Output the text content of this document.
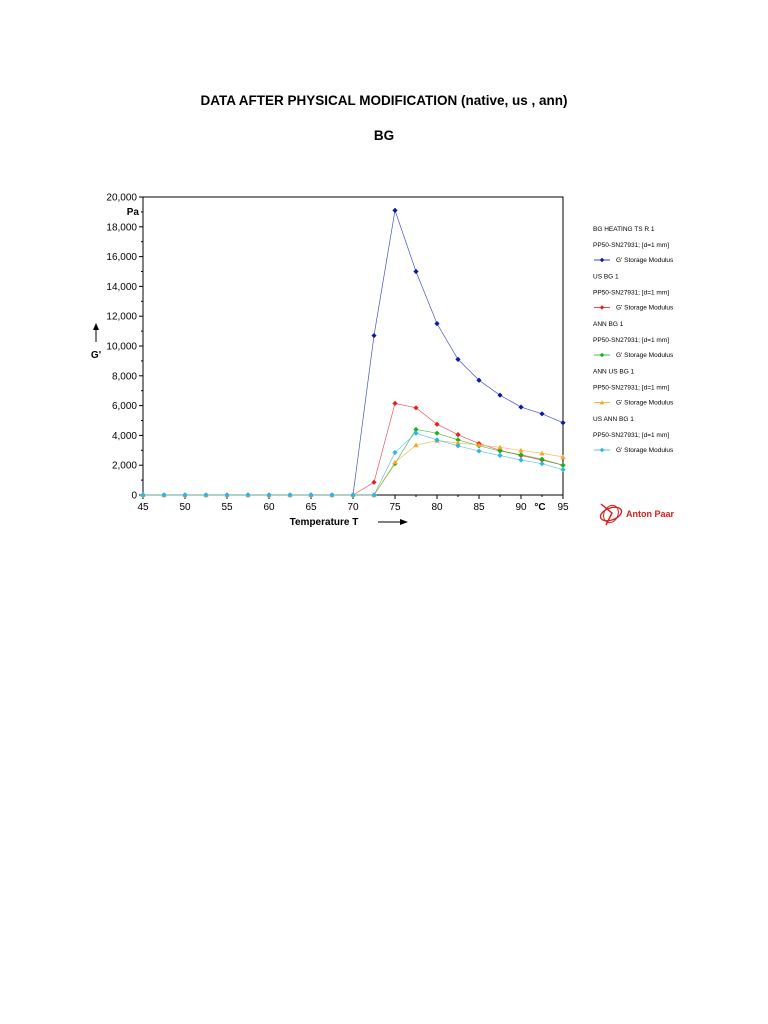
DATA AFTER PHYSICAL MODIFICATION (native, us , ann)
BG
0
2,000
4,000
6,000
8,000
10,000
12,000
14,000
16,000
18,000
20,000
45	50	55	60	65	70	75	80	85	90	95
Pa
°C
G'
Temperature T
BG HEATING TS R 1
PP50-SN27931; [d=1 mm]
G' Storage Modulus
US BG 1
PP50-SN27931; [d=1 mm]
G' Storage Modulus
ANN BG 1
PP50-SN27931; [d=1 mm]
G' Storage Modulus
ANN US BG 1
PP50-SN27931; [d=1 mm]
G' Storage Modulus
US ANN BG 1
PP50-SN27931; [d=1 mm]
G' Storage Modulus
Anton Paar
